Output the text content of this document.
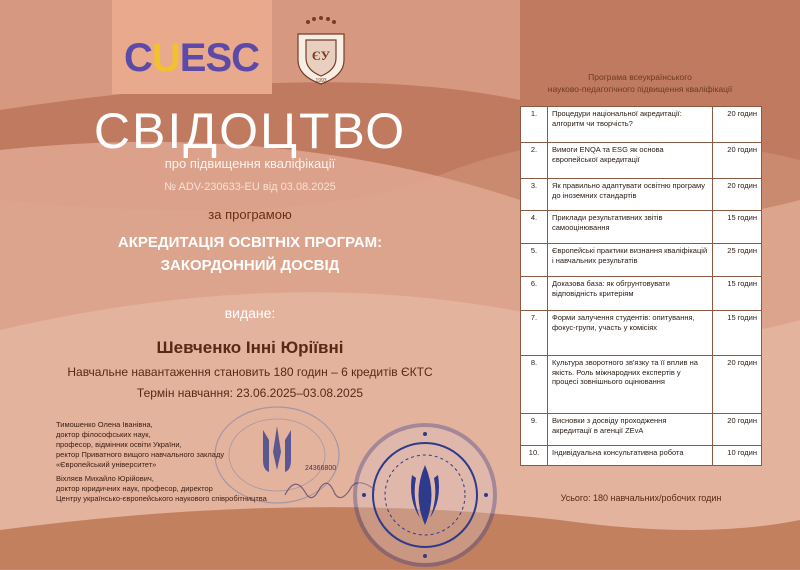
CUESC	ЄУ
1993
СВІДОЦТВО
про підвищення кваліфікації
№ ADV-230633-EU від 03.08.2025
за програмою
АКРЕДИТАЦІЯ ОСВІТНІХ ПРОГРАМ:
ЗАКОРДОННИЙ ДОСВІД
видане:
Шевченко Інні Юріївні
Навчальне навантаження становить 180 годин – 6 кредитів ЄКТС
Термін навчання: 23.06.2025–03.08.2025
24366800
Тимошенко Олена Іванівна,
доктор філософських наук,
професор, відмінник освіти України,
ректор Приватного вищого навчального закладу
«Європейський університет»
Віхляєв Михайло Юрійович,
доктор юридичних наук, професор, директор
Центру українсько-європейського наукового співробітництва
Програма всеукраїнського
науково-педагогічного підвищення кваліфікації
1.	Процедури національної акредитації: алгоритм чи творчість?	20 годин
2.	Вимоги ENQA та ESG як основа європейської акредитації	20 годин
3.	Як правильно адаптувати освітню програму до іноземних стандартів	20 годин
4.	Приклади результативних звітів самооцінювання	15 годин
5.	Європейські практики визнання кваліфікацій і навчальних результатів	25 годин
6.	Доказова база: як обгрунтовувати відповідність критеріям	15 годин
7.	Форми залучення студентів: опитування, фокус-групи, участь у комісіях	15 годин
8.	Культура зворотного зв'язку та її вплив на якість. Роль міжнародних експертів у процесі зовнішнього оцінювання	20 годин
9.	Висновки з досвіду проходження акредитації в агенції ZEvA	20 годин
10.	Індивідуальна консультативна робота	10 годин
Усього: 180 навчальних/робочих годин
